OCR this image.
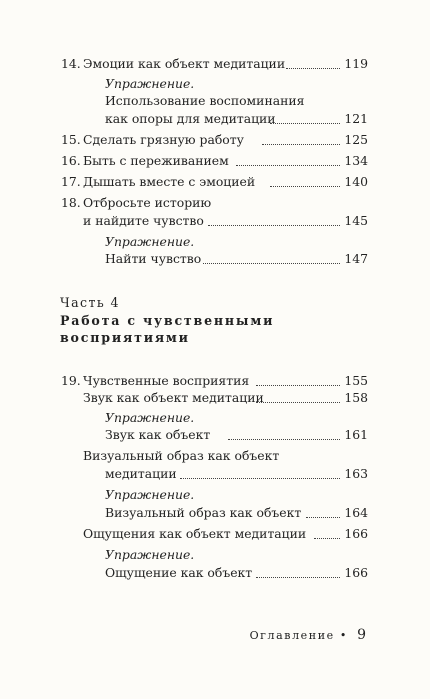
14. Эмоции как объект медитации	119
Упражнение.
Использование воспоминания
как опоры для медитации	121
15. Сделать грязную работу	125
16. Быть с переживанием	134
17. Дышать вместе с эмоцией	140
18. Отбросьте историю
и найдите чувство	145
Упражнение.
Найти чувство	147
Часть 4
Работа с чувственными
восприятиями
19. Чувственные восприятия	155
Звук как объект медитации	158
Упражнение.
Звук как объект	161
Визуальный образ как объект
медитации	163
Упражнение.
Визуальный образ как объект	164
Ощущения как объект медитации	166
Упражнение.
Ощущение как объект	166
Оглавление • 9
